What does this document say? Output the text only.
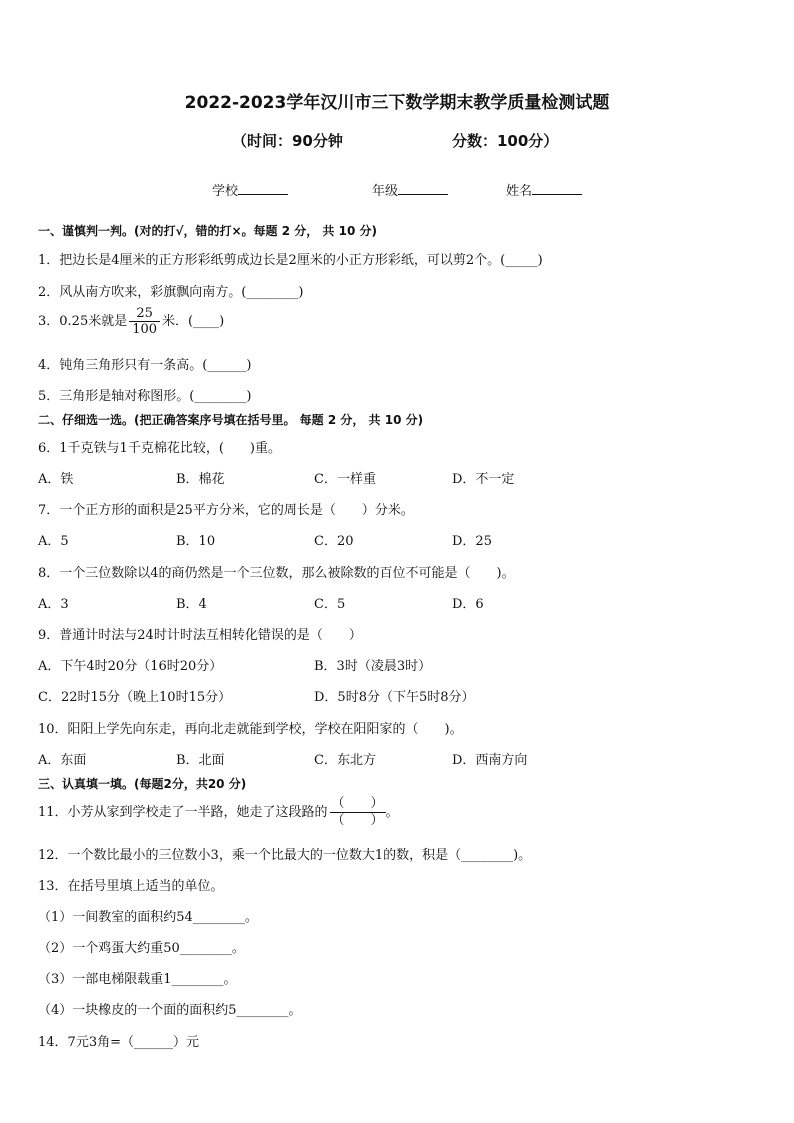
2022-2023学年汉川市三下数学期末教学质量检测试题
（时间：90分钟	分数：100分）
学校	年级	姓名
一、谨慎判一判。(对的打√，错的打×。每题 2 分， 共 10 分)
1．把边长是4厘米的正方形彩纸剪成边长是2厘米的小正方形彩纸，可以剪2个。(_____)
2．风从南方吹来，彩旗飘向南方。(________)
3．0.25米就是 $\frac{25}{100}$ 米．(____)
4．钝角三角形只有一条高。(______)
5．三角形是轴对称图形。(________)
二、仔细选一选。(把正确答案序号填在括号里。 每题 2 分， 共 10 分)
6．1千克铁与1千克棉花比较，(　　)重。
A．铁	B．棉花	C．一样重	D．不一定
7．一个正方形的面积是25平方分米，它的周长是（　　）分米。
A．5	B．10	C．20	D．25
8．一个三位数除以4的商仍然是一个三位数，那么被除数的百位不可能是（　　)。
A．3	B．4	C．5	D．6
9．普通计时法与24时计时法互相转化错误的是（　　）
A．下午4时20分（16时20分）	B．3时（凌晨3时）
C．22时15分（晚上10时15分）	D．5时8分（下午5时8分）
10．阳阳上学先向东走，再向北走就能到学校，学校在阳阳家的（　　)。
A．东面	B．北面	C．东北方	D．西南方向
三、认真填一填。(每题2分，共20 分)
11．小芳从家到学校走了一半路，她走了这段路的 $\frac{( )}{( )}$ 。
12．一个数比最小的三位数小3，乘一个比最大的一位数大1的数，积是（________)。
13．在括号里填上适当的单位。
（1）一间教室的面积约54________。
（2）一个鸡蛋大约重50________。
（3）一部电梯限载重1________。
（4）一块橡皮的一个面的面积约5________。
14．7元3角=（______）元
